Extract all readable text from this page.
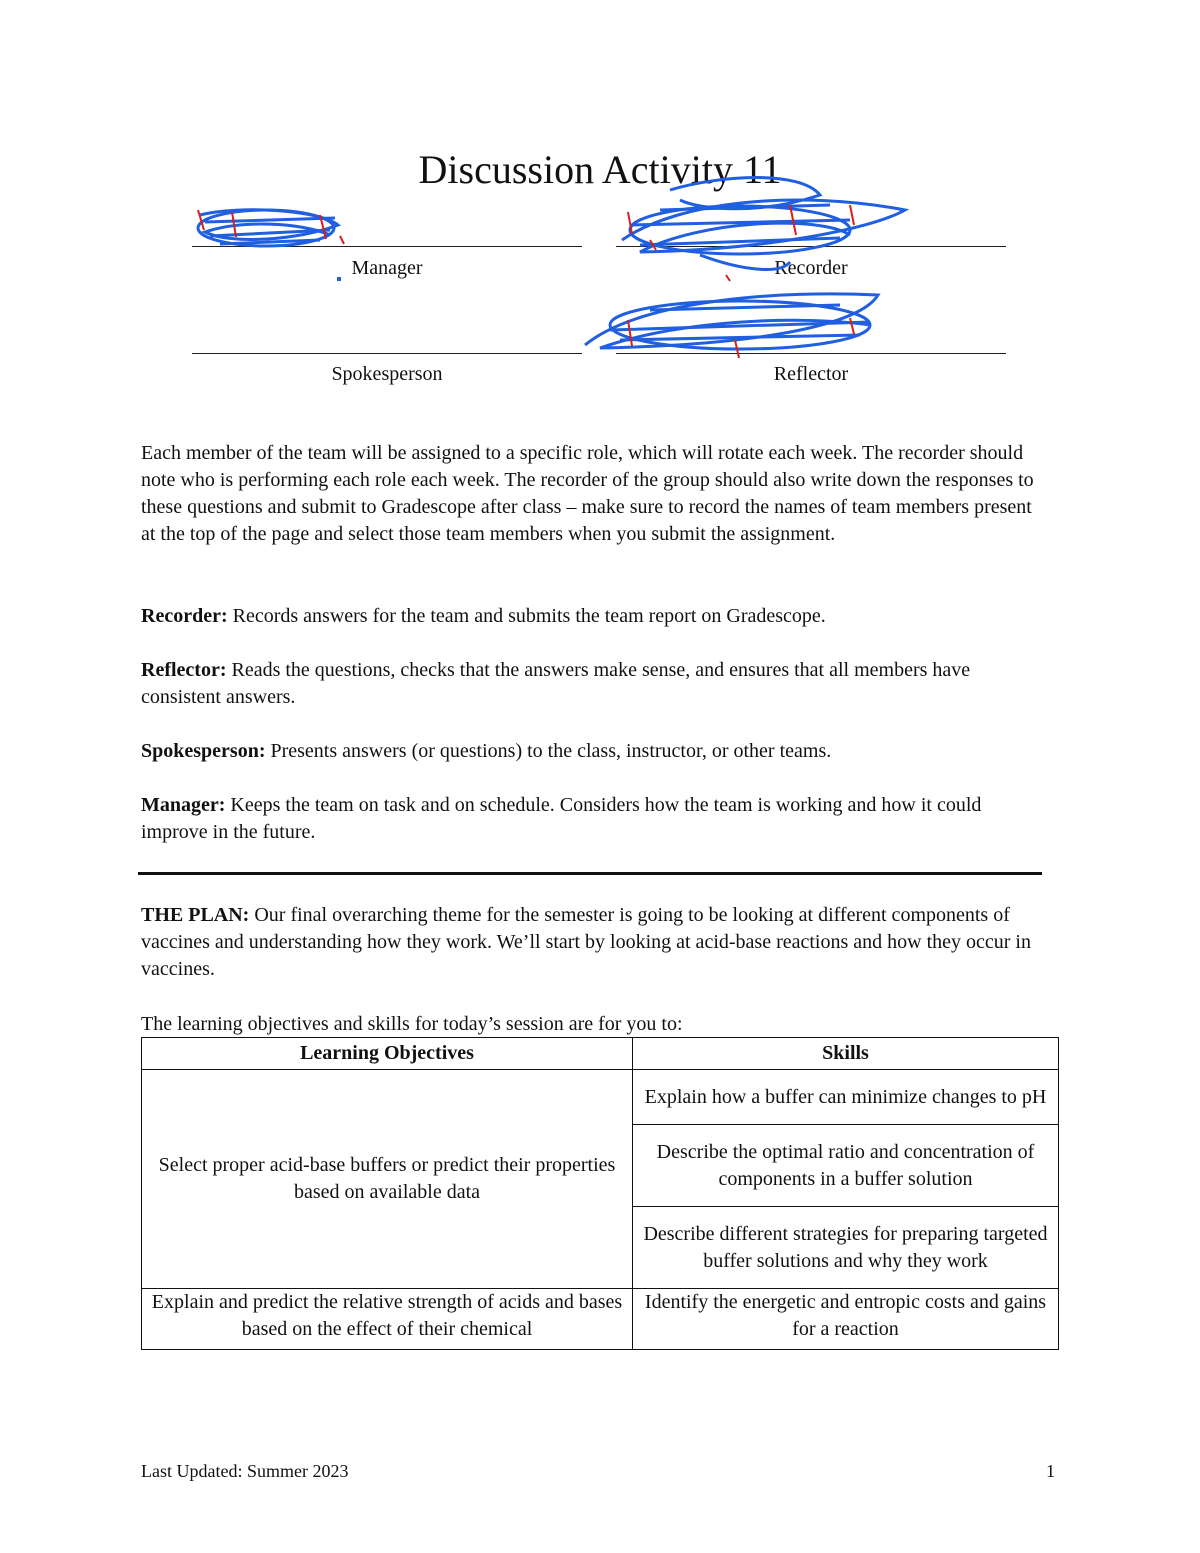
Discussion Activity 11
Manager	Recorder
Spokesperson	Reflector
Each member of the team will be assigned to a specific role, which will rotate each week. The recorder should note who is performing each role each week. The recorder of the group should also write down the responses to these questions and submit to Gradescope after class – make sure to record the names of team members present at the top of the page and select those team members when you submit the assignment.
Recorder: Records answers for the team and submits the team report on Gradescope.
Reflector: Reads the questions, checks that the answers make sense, and ensures that all members have consistent answers.
Spokesperson: Presents answers (or questions) to the class, instructor, or other teams.
Manager: Keeps the team on task and on schedule. Considers how the team is working and how it could improve in the future.
THE PLAN: Our final overarching theme for the semester is going to be looking at different components of vaccines and understanding how they work. We’ll start by looking at acid-base reactions and how they occur in vaccines.
The learning objectives and skills for today’s session are for you to:
Learning Objectives	Skills
Select proper acid-base buffers or predict their properties based on available data	Explain how a buffer can minimize changes to pH
	Describe the optimal ratio and concentration of components in a buffer solution
	Describe different strategies for preparing targeted buffer solutions and why they work
Explain and predict the relative strength of acids and bases based on the effect of their chemical	Identify the energetic and entropic costs and gains for a reaction
Last Updated: Summer 2023	1
